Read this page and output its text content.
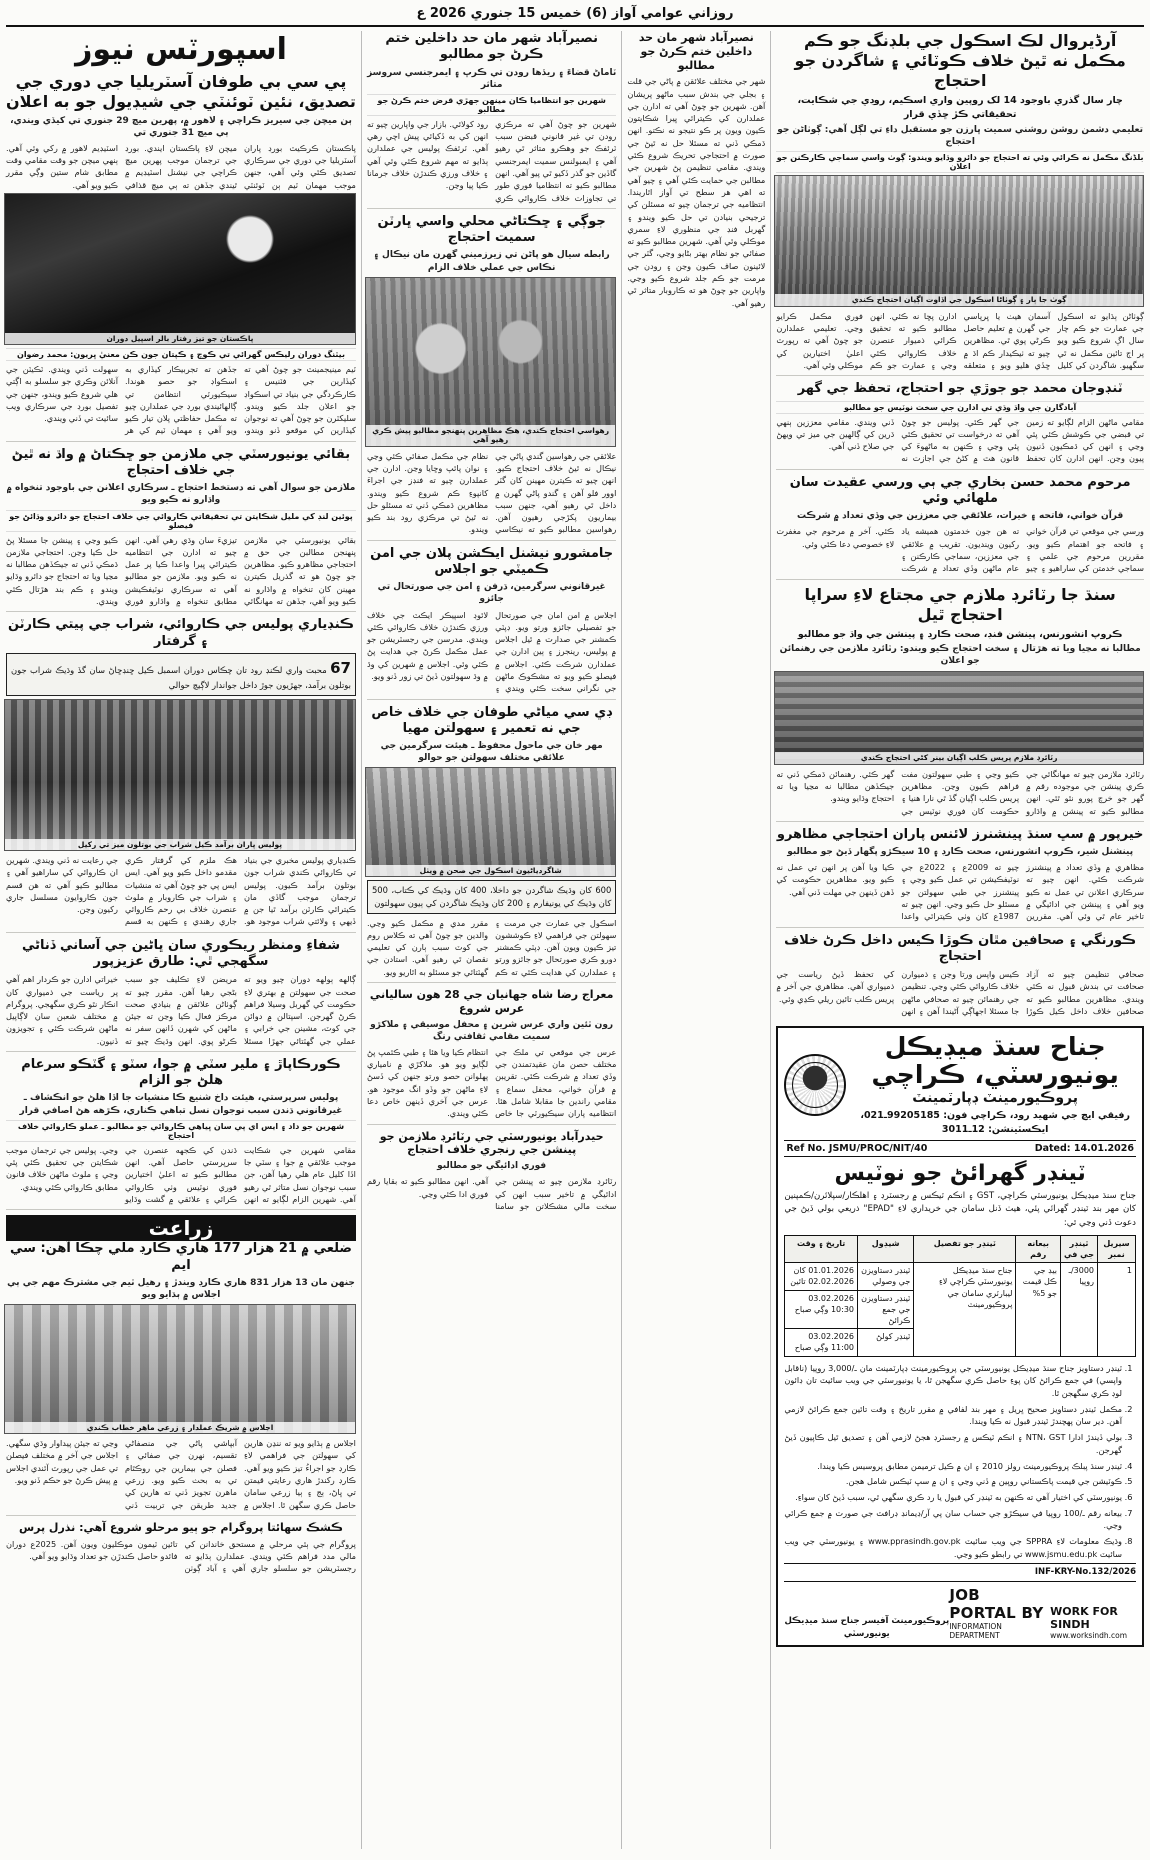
روزاني عوامي آواز (6) خميس 15 جنوري 2026 ع
آرڈيروال لڪ اسڪول جي بلڊنگ جو ڪم مڪمل نه ٿيڻ خلاف ڪوٽائي ۽ شاگردن جو احتجاج
چار سال گذري باوجود 14 لک روپين واري اسڪيم، روڊي جي شڪايت، تحقيقاتي ڪڙ ڇڏي قرار
تعليمي دشمن روشن روشني سميت ڀارزن جو مستقبل داءِ تي لڳل آهي: ڳوٺاڻن جو احتجاج
بلڈنگ مڪمل نه ڪرائي وئي ته احتجاج جو دائرو وڌايو ويندو: ڳوٺ واسي سماجي ڪارڪنن جو اعلان
ڳوٺ جا ٻار ۽ ڳوٺاڻا اسڪول جي اڏاوت اڳيان احتجاج ڪندي
ڳوٺاڻن ٻڌايو ته اسڪول جي عمارت جو ڪم چار سال اڳ شروع ڪيو ويو پر اڄ تائين مڪمل نه ٿي سگهيو. شاگردن کي کليل آسمان هيٺ يا ڀرپاسي جي گهرن ۾ تعليم حاصل ڪرڻي پوي ٿي. مظاهرين چيو ته ٺيڪيدار ڪم اڌ ۾ ڇڏي هليو ويو ۽ متعلقه ادارن پڇا نه ڪئي. انهن مطالبو ڪيو ته تحقيق ڪرائي ذميوار عنصرن خلاف ڪاروائي ڪئي وڃي ۽ عمارت جو ڪم فوري مڪمل ڪرايو وڃي. تعليمي عملدارن جو چوڻ آهي ته رپورٽ اعليٰ اختيارين کي موڪلي وئي آهي.
ٽنڊوجان محمد جو جوڙي جو احتجاج، تحفظ جي گهر
آبادگارن جي واڌ وڌي تي ادارن جي سخت نوٽيس جو مطالبو
مقامي ماڻهن الزام لڳايو ته زمين تي قبضي جي ڪوشش ڪئي پئي وڃي ۽ انهن کي ڌمڪيون ڏنيون پيون وڃن. انهن ادارن کان تحفظ جي گهر ڪئي. پوليس جو چوڻ آهي ته درخواست تي تحقيق ڪئي پئي وڃي ۽ ڪنهن به ماڻهوءَ کي قانون هٿ ۾ کڻڻ جي اجازت نه ڏني ويندي. مقامي معززين ٻنهي ڌرين کي ڳالهين جي ميز تي ويهڻ جي صلاح ڏني آهي.
مرحوم محمد حسن بخاري جي ٻي ورسي عقيدت سان ملهائي وئي
قرآن خواني، فاتحه ۽ خيرات، علائقي جي معززين جي وڏي تعداد ۾ شرڪت
ورسي جي موقعي تي قرآن خواني ۽ فاتحه جو اهتمام ڪيو ويو. مقررين مرحوم جي علمي ۽ سماجي خدمتن کي ساراهيو ۽ چيو ته هن جون خدمتون هميشه ياد رکيون وينديون. تقريب ۾ علائقي جي معززين، سماجي ڪارڪنن ۽ عام ماڻهن وڏي تعداد ۾ شرڪت ڪئي. آخر ۾ مرحوم جي مغفرت لاءِ خصوصي دعا ڪئي وئي.
سنڌ جا رٽائرڊ ملازم جي مجتاع لاءِ سراپا احتجاج ٿيل
ڪروپ انشورنس، پينشن فنڊ، صحت ڪارڊ ۽ پينشن جي واڌ جو مطالبو
مطالبا نه مڃيا ويا ته هڙتال ۽ سخت احتجاج ڪيو ويندو: رٽائرڊ ملازمن جي رهنمائن جو اعلان
رٽائرڊ ملازم پريس ڪلب اڳيان بينر کڻي احتجاج ڪندي
رٽائرڊ ملازمن چيو ته مهانگائي جي ڪري پينشن جي موجوده رقم ۾ گهر جو خرچ پورو نٿو ٿئي. انهن مطالبو ڪيو ته پينشن ۾ واڌارو ڪيو وڃي ۽ طبي سهولتون مفت فراهم ڪيون وڃن. مظاهرين پريس ڪلب اڳيان گڏ ٿي نارا هنيا ۽ حڪومت کان فوري نوٽيس جي گهر ڪئي. رهنمائن ڌمڪي ڏني ته جيڪڏهن مطالبا نه مڃيا ويا ته احتجاج وڌايو ويندو.
خيرپور ۾ سڀ سنڌ پينشنرز لائنس پاران احتجاجي مظاهرو
پينشنل شير، ڪروپ انشورنس، صحت ڪارڊ ۽ 10 سيڪڙو پگهار ڏيڻ جو مطالبو
مظاهري ۾ وڏي تعداد ۾ پينشنرز شرڪت ڪئي. انهن چيو ته سرڪاري اعلانن تي عمل نه ڪيو ويو آهي ۽ پينشن جي ادائيگي ۾ تاخير عام ٿي وئي آهي. مقررين چيو ته 2009ع ۽ 2022ع جي نوٽيفڪيشن تي عمل ڪيو وڃي ۽ پينشنرز جي طبي سهولتن جو مسئلو حل ڪيو وڃي. انهن چيو ته 1987ع کان وٺي ڪيترائي واعدا ڪيا ويا آهن پر انهن تي عمل نه ڪيو ويو. مظاهرين حڪومت کي ڏهن ڏينهن جي مهلت ڏني آهي.
ڪورنگي ۽ صحافين مٿان ڪوڙا ڪيس داخل ڪرڻ خلاف احتجاج
صحافي تنظيمن چيو ته آزاد صحافت تي بندش قبول نه ڪئي ويندي. مظاهرين مطالبو ڪيو ته صحافين خلاف داخل ڪيل ڪوڙا ڪيس واپس ورتا وڃن ۽ ذميوارن خلاف ڪاروائي ڪئي وڃي. تنظيمن جي رهنمائن چيو ته صحافي ماڻهن جا مسئلا اجهاڳي آڻيندا آهن ۽ انهن کي تحفظ ڏيڻ رياست جي ذميواري آهي. مظاهري جي آخر ۾ پريس ڪلب تائين ريلي ڪڍي وئي.
جناح سنڌ ميڊيڪل يونيورسٽي، ڪراچي
پروڪيورمينٽ ڊپارٽمينٽ
رفيقي ايچ جي شهيد رود، ڪراچي فون: 99205185ـ021، ايڪسٽينشن: 12ـ3011
Ref No. JSMU/PROC/NIT/40	Dated: 14.01.2026
ٽينڊر گهرائڻ جو نوٽيس
جناح سنڌ ميڊيڪل يونيورسٽي ڪراچي، GST ۽ انڪم ٽيڪس ۾ رجسٽرڊ ۽ اهلڪار/سپلائرن/ڪمپنين کان مهر بند ٽينڊر گهرائي پئي، هيٺ ڏنل سامان جي خريداري لاءِ "EPAD" ذريعي بولي ڏيڻ جي دعوت ڏني وڃي ٿي:
سيريل نمبر	ٽينڊر جي في	بيعانه رقم	ٽينڊر جو تفصيل	شيڊول	تاريخ ۽ وقت
1	3000/ـ روپيا	بيڊ جي ڪل قيمت جو 5%	جناح سنڌ ميڊيڪل يونيورسٽي ڪراچي لاءِ ليبارٽري سامان جي پروڪيورمينٽ	ٽينڊر دستاويزن جي وصولي	01.01.2026 کان 02.02.2026 تائين
				ٽينڊر دستاويزن جي جمع ڪرائڻ	03.02.2026 10:30 وڳي صباح
				ٽينڊر کولڻ	03.02.2026 11:00 وڳي صباح
1. ٽينڊر دستاويز جناح سنڌ ميڊيڪل يونيورسٽي جي پروڪيورمينٽ ڊپارٽمينٽ مان ـ/3,000 روپيا (ناقابل واپسي) في جمع ڪرائڻ کان پوءِ حاصل ڪري سگهجن ٿا، يا يونيورسٽي جي ويب سائيٽ تان ڊائون لوڊ ڪري سگهجن ٿا.
2. مڪمل ٽينڊر دستاويز صحيح ڀريل ۽ مهر بند لفافي ۾ مقرر تاريخ ۽ وقت تائين جمع ڪرائڻ لازمي آهن. دير سان پهچندڙ ٽينڊر قبول نه ڪيا ويندا.
3. بولي ڏيندڙ ادارا NTN، GST ۽ انڪم ٽيڪس ۾ رجسٽرڊ هجڻ لازمي آهن ۽ تصديق ٿيل ڪاپيون ڏيڻ گهرجن.
4. ٽينڊر سنڌ پبلڪ پروڪيورمينٽ رولز 2010 ۽ ان ۾ ڪيل ترميمن مطابق پروسيس ڪيا ويندا.
5. ڪوٽيشن جي قيمت پاڪستاني روپين ۾ ڏني وڃي ۽ ان ۾ سڀ ٽيڪس شامل هجن.
6. يونيورسٽي کي اختيار آهي ته ڪنهن به ٽينڊر کي قبول يا رد ڪري سگهي ٿي، سبب ڏيڻ کان سواءِ.
7. بيعانه رقم ـ/100 روپيا في سيڪڙو جي حساب سان پي آر/ڊيمانڊ ڊرافٽ جي صورت ۾ جمع ڪرائي وڃي.
8. وڌيڪ معلومات لاءِ SPPRA جي ويب سائيٽ www.pprasindh.gov.pk ۽ يونيورسٽي جي ويب سائيٽ www.jsmu.edu.pk تي رابطو ڪيو وڃي.
INF-KRY-No.132/2026
WORK FOR SINDH
www.worksindh.com
JOB PORTAL BY
INFORMATION DEPARTMENT
پروڪيورمينٽ آفيسر جناح سنڌ ميڊيڪل يونيورسٽي
نصيرآباد شهر مان حد داخلين ختم ڪرڻ جو مطالبو
شهر جي مختلف علائقن ۾ پاڻي جي قلت ۽ بجلي جي بندش سبب ماڻهو پريشان آهن. شهرين جو چوڻ آهي ته ادارن جي عملدارن کي ڪيترائي ڀيرا شڪايتون ڪيون ويون پر ڪو نتيجو نه نڪتو. انهن ڌمڪي ڏني ته مسئلا حل نه ٿيڻ جي صورت ۾ احتجاجي تحريڪ شروع ڪئي ويندي. مقامي تنظيمن پڻ شهرين جي مطالبن جي حمايت ڪئي آهي ۽ چيو آهي ته اهي هر سطح تي آواز اٿاريندا. انتظاميه جي ترجمان چيو ته مسئلن کي ترجيحي بنيادن تي حل ڪيو ويندو ۽ گهربل فنڊ جي منظوري لاءِ سمري موڪلي وئي آهي. شهرين مطالبو ڪيو ته صفائي جو نظام بهتر بڻايو وڃي، گٽر جي لائينون صاف ڪيون وڃن ۽ رودن جي مرمت جو ڪم جلد شروع ڪيو وڃي. واپارين جو چوڻ هو ته ڪاروبار متاثر ٿي رهيو آهي.
نصيرآباد شهر مان حد داخلين ختم ڪرڻ جو مطالبو
ٽاماڻ قضاءَ ۽ ريڏها رودن تي ڪرڀ ۽ ايمرجنسي سروسز متاثر
شهرين جو انتظاميا ڪان مينهن جهڙي قرض ختم ڪرڻ جو مطالبو
شهرين جو چوڻ آهي ته مرڪزي رودن تي غير قانوني قبضن سبب ٽرئفڪ جو وهڪرو متاثر ٿي رهيو آهي ۽ ايمبولنس سميت ايمرجنسي گاڏين جو گذر ڏکيو ٿي پيو آهي. انهن مطالبو ڪيو ته انتظاميا فوري طور تي تجاوزات خلاف ڪاروائي ڪري رود کولائي. بازار جي واپارين چيو ته انهن کي به ڏکيائي پيش اچي رهي آهي. ٽرئفڪ پوليس جي عملدارن ٻڌايو ته مهم شروع ڪئي وئي آهي ۽ خلاف ورزي ڪندڙن خلاف جرمانا ڪيا پيا وڃن.
جوڳي ۽ ڇڪتاڻي محلي واسي ڀارٽن سميت احتجاج
رابطه سيال هو پاڻن تي زيرزميني گهرن مان نيڪال ۽ نڪاس جي عملي خلاف الزام
رهواسي احتجاج ڪندي، هڪ مظاهرين پنهنجو مطالبو پيش ڪري رهيو آهي
علائقي جي رهواسين گندي پاڻي جي نيڪال نه ٿيڻ خلاف احتجاج ڪيو. انهن چيو ته ڪيترن مهينن کان گٽر اوور فلو آهن ۽ گندو پاڻي گهرن ۾ داخل ٿي رهيو آهي، جنهن سبب بيماريون پکڙجي رهيون آهن. رهواسين مطالبو ڪيو ته نيڪاسي نظام جي مڪمل صفائي ڪئي وڃي ۽ نوان پائپ وڇايا وڃن. ادارن جي عملدارن چيو ته فنڊز جي اجراءَ کانپوءِ ڪم شروع ڪيو ويندو. مظاهرين ڌمڪي ڏني ته مسئلو حل نه ٿيڻ تي مرڪزي رود بند ڪيو ويندو.
جامشورو نيشنل ايڪشن پلان جي امن ڪميٽي جو اجلاس
غيرقانوني سرگرمين، ڌرفن ۽ امن جي صورتحال تي جائزو
اجلاس ۾ امن امان جي صورتحال جو تفصيلي جائزو ورتو ويو. ڊپٽي ڪمشنر جي صدارت ۾ ٿيل اجلاس ۾ پوليس، رينجرز ۽ ٻين ادارن جي عملدارن شرڪت ڪئي. اجلاس ۾ فيصلو ڪيو ويو ته مشڪوڪ ماڻهن جي نگراني سخت ڪئي ويندي ۽ لائوڊ اسپيڪر ايڪٽ جي خلاف ورزي ڪندڙن خلاف ڪاروائي ڪئي ويندي. مدرسن جي رجسٽريشن جو عمل مڪمل ڪرڻ جي هدايت پڻ ڪئي وئي. اجلاس ۾ شهرين کي وڌ ۾ وڌ سهولتون ڏيڻ تي زور ڏنو ويو.
ڊي سي مياڻي طوفان جي خلاف خاص جي نه تعمير ۽ سهولتن مهيا
مهر خان جي ماحول محفوظ ـ هيئت سرگرمين جي علائقي مختلف سهولتن جو حوالو
شاگردياڻيون اسڪول جي صحن ۾ ويٺل
600 کان وڌيڪ شاگردن جو داخلا، 400 کان وڌيڪ کي ڪتاب، 500 کان وڌيڪ کي يونيفارم ۽ 200 کان وڌيڪ شاگردن کي ٻيون سهولتون
اسڪول جي عمارت جي مرمت ۽ سهولتن جي فراهمي لاءِ ڪوششون تيز ڪيون ويون آهن. ڊپٽي ڪمشنر دورو ڪري صورتحال جو جائزو ورتو ۽ عملدارن کي هدايت ڪئي ته ڪم مقرر مدي ۾ مڪمل ڪيو وڃي. والدين جو چوڻ آهي ته ڪلاس روم جي کوٽ سبب ٻارن کي تعليمي نقصان ٿي رهيو آهي. استادن جي گهٽتائي جو مسئلو به اٿاريو ويو.
معراج رضا شاه جهانيان جي 28 هون سالياني عرس شروع
رون ٽئين واري عرس شرين ۽ محفل موسيقي ۽ ملاکڙو سميت مقامي ثقافتي رنگ
عرس جي موقعي تي ملڪ جي مختلف حصن مان عقيدتمندن جي وڏي تعداد ۾ شرڪت ڪئي. تقريبن ۾ قرآن خواني، محفل سماع ۽ مقامي راندين جا مقابلا شامل هئا. انتظاميه پاران سيڪيورٽي جا خاص انتظام ڪيا ويا هئا ۽ طبي ڪئمپ پڻ لڳايو ويو هو. ملاکڙي ۾ نامياري پهلوانن حصو ورتو جنهن کي ڏسڻ لاءِ ماڻهن جو وڏو انگ موجود هو. عرس جي آخري ڏينهن خاص دعا ڪئي ويندي.
حيدرآباد يونيورسٽي جي رٽائرڊ ملازمن جو پينشن جي رنجري خلاف احتجاج
فوري ادائيگي جو مطالبو
رٽائرڊ ملازمن چيو ته پينشن جي ادائيگي ۾ تاخير سبب انهن کي سخت مالي مشڪلاتن جو سامنا آهي. انهن مطالبو ڪيو ته بقايا رقم فوري ادا ڪئي وڃي.
اسپورٽس نيوز
پي سي بي طوفان آسٽريليا جي دوري جي تصديق، نئين ٽوئنٽي جي شيڊيول جو به اعلان
ٻن ميچن جي سيريز ڪراچي ۽ لاهور ۾، پهرين ميچ 29 جنوري تي کيڏي ويندي، ٻي ميچ 31 جنوري تي
پاڪستان ڪرڪيٽ بورڊ پاران آسٽريليا جي دوري جي سرڪاري تصديق ڪئي وئي آهي، جنهن موجب مهمان ٽيم ٻن ٽوئنٽي ميچن لاءِ پاڪستان ايندي. بورڊ جي ترجمان موجب پهرين ميچ ڪراچي جي نيشنل اسٽيڊيم ۾ ٿيندي جڏهن ته ٻي ميچ قذافي اسٽيڊيم لاهور ۾ رکي وئي آهي. ٻنهي ميچن جو وقت مقامي وقت مطابق شام ستين وڳي مقرر ڪيو ويو آهي.
پاڪستان جو تيز رفتار بالر اسپيل دوران
بيٽنگ دوران رليڪس گهرائي تي ڪوچ ۽ ڪپتان جون ڪن معنيٰ ڀريون: محمد رضوان
ٽيم مينيجمينٽ جو چوڻ آهي ته کيڏارين جي فٽنيس ۽ ڪارڪردگي جي بنياد تي اسڪواڊ جو اعلان جلد ڪيو ويندو. سلیکٽرن جو چوڻ آهي ته نوجوان کيڏارين کي موقعو ڏنو ويندو، جڏهن ته تجربيڪار کيڏاري به اسڪواڊ جو حصو هوندا. سيڪيورٽي انتظامن تي ڳالهائيندي بورڊ جي عملدارن چيو ته مڪمل حفاظتي پلان تيار ڪيو ويو آهي ۽ مهمان ٽيم کي هر سهولت ڏني ويندي. ٽڪيٽن جي آنلائن وڪري جو سلسلو به اڳتي هلي شروع ڪيو ويندو، جنهن جي تفصيل بورڊ جي سرڪاري ويب سائيٽ تي ڏني ويندي.
بقائي يونيورسٽي جي ملازمن جو ڇڪتاڻ ۾ واڌ نه ٿيڻ جي خلاف احتجاج
ملازمن جو سوال آهي ته دستخط احتجاج ـ سرڪاري اعلانن جي باوجود تنخواه ۾ واڌارو نه ڪيو ويو
پوئين لنڊ کي مليل شڪايتن تي تحقيقاتي ڪاروائي جي خلاف احتجاج جو دائرو وڌائڻ جو فيصلو
بقائي يونيورسٽي جي ملازمن پنهنجن مطالبن جي حق ۾ احتجاجي مظاهرو ڪيو. مظاهرين جو چوڻ هو ته گذريل ڪيترن مهينن کان تنخواه ۾ واڌارو نه ڪيو ويو آهي، جڏهن ته مهانگائي تيزيءَ سان وڌي رهي آهي. انهن چيو ته ادارن جي انتظاميه ڪيترائي ڀيرا واعدا ڪيا پر عمل نه ڪيو ويو. ملازمن جو مطالبو آهي ته سرڪاري نوٽيفڪيشن مطابق تنخواه ۾ واڌارو فوري ڪيو وڃي ۽ پينشن جا مسئلا پڻ حل ڪيا وڃن. احتجاجي ملازمن ڌمڪي ڏني ته جيڪڏهن مطالبا نه مڃيا ويا ته احتجاج جو دائرو وڌايو ويندو ۽ ڪم بند هڙتال ڪئي ويندي.
ڪنڊياري پوليس جي ڪاروائي، شراب جي پيتي ڪارٽن ۽ گرفتار
67 محبت واري لڪنڊ رود تان چڪاس دوران اسمبل ڪيل ڇنڊڇاڻ سان گڏ وڌيڪ شراب جون بوتلون برآمد، جهڙيون جوڙ داخل جواندار لاڳيچ حوالي
پوليس پاران برآمد ڪيل شراب جي بوتلون ميز تي رکيل
ڪنڊياري پوليس مخبري جي بنياد تي ڪاروائي ڪندي شراب جون بوتلون برآمد ڪيون. پوليس ترجمان موجب گاڏي مان ڪيترائي ڪارٽن برآمد ٿيا جن ۾ ڏيهي ۽ ولائتي شراب موجود هو. هڪ ملزم کي گرفتار ڪري مقدمو داخل ڪيو ويو آهي. ايس ايس پي جو چوڻ آهي ته منشيات ۽ شراب جي ڪاروبار ۾ ملوث عنصرن خلاف بي رحم ڪاروائي جاري رهندي ۽ ڪنهن به قسم جي رعايت نه ڏني ويندي. شهرين ان ڪاروائي کي ساراهيو آهي ۽ مطالبو ڪيو آهي ته هن قسم جون ڪاروايون مسلسل جاري رکيون وڃن.
شفاءِ ومنظر ريڪوري سان ڀاڻين جي آساني ڏناڻي سگهجي ٿي: طارق عزيزپور
ڳالهه ٻولهه دوران چيو ويو ته صحت جي سهولتن ۾ بهتري لاءِ حڪومت کي گهربل وسيلا فراهم ڪرڻ گهرجن. اسپتالن ۾ دوائن جي کوٽ، مشينن جي خرابي ۽ عملي جي گهٽتائي جهڙا مسئلا مريضن لاءِ تڪليف جو سبب بڻجي رهيا آهن. مقرر چيو ته ڳوٺاڻن علائقن ۾ بنيادي صحت مرڪز فعال ڪيا وڃن ته جيئن ماڻهن کي شهرن ڏانهن سفر نه ڪرڻو پوي. انهن وڌيڪ چيو ته خيراتي ادارن جو ڪردار اهم آهي پر رياست جي ذميواري کان انڪار نٿو ڪري سگهجي. پروگرام ۾ مختلف شعبن سان لاڳاپيل ماڻهن شرڪت ڪئي ۽ تجويزون ڏنيون.
ڪورڪاپاڙ ۽ ملير سٽي ۾ جوا، سٽو ۽ گٽڪو سرعام هلڻ جو الزام
پوليس سرپرستي، هيئت داخ شنيع ڪا منشيات جا اڏا هلڻ جو انڪشاف ـ غيرقانوني ڌندن سبب نوجوان نسل تباهي ڪناري، ڪڙهه هڻ اصافي قرار
شهرين جو داد ۽ ايس اي پي سان ڀياهي ڪاروائي جو مطالبو ـ عملو ڪاروائي خلاف احتجاج
مقامي شهرين جي شڪايت موجب علائقي ۾ جوا ۽ سٽي جا اڏا کليل عام هلي رهيا آهن، جن سبب نوجوان نسل متاثر ٿي رهيو آهي. شهرين الزام لڳايو ته انهن ڌندن کي ڪجهه عنصرن جي سرپرستي حاصل آهي. انهن مطالبو ڪيو ته اعليٰ اختيارين فوري نوٽيس وٺي ڪاروائي ڪرائي ۽ علائقي ۾ گشت وڌايو وڃي. پوليس جي ترجمان موجب شڪايتن جي تحقيق ڪئي پئي وڃي ۽ ملوث ماڻهن خلاف قانون مطابق ڪاروائي ڪئي ويندي.
زراعت
ضلعي ۾ 21 هزار 177 هاري ڪارڊ ملي چڪا آهن: سي ايم
جنهن مان 13 هزار 831 هاري ڪارڊ ويندڙ ۽ رهيل ٽيم جي مشترڪ مهم جي ٻي اجلاس ۾ ٻڌايو ويو
اجلاس ۾ شريڪ عملدار ۽ زرعي ماهر خطاب ڪندي
اجلاس ۾ ٻڌايو ويو ته ننڍن هارين کي سهولتن جي فراهمي لاءِ ڪارڊ جو اجراءُ تيز ڪيو ويو آهي. ڪارڊ رکندڙ هاري رعايتي قيمتن تي ڀاڻ، ٻج ۽ ٻيا زرعي سامان حاصل ڪري سگهن ٿا. اجلاس ۾ آبپاشي پاڻي جي منصفاڻي تقسيم، نهرن جي صفائي ۽ فصلن جي بيمارين جي روڪٿام تي به بحث ڪيو ويو. زرعي ماهرن تجويز ڏني ته هارين کي جديد طريقن جي تربيت ڏني وڃي ته جيئن پيداوار وڌي سگهي. اجلاس جي آخر ۾ مختلف فيصلن تي عمل جي رپورٽ آئندي اجلاس ۾ پيش ڪرڻ جو حڪم ڏنو ويو.
ڪشڪ سهائتا پروگرام جو ٻيو مرحلو شروع آهي: نذرل پرس
پروگرام جي ٻئي مرحلي ۾ مستحق خاندانن کي مالي مدد فراهم ڪئي ويندي. عملدارن ٻڌايو ته رجسٽريشن جو سلسلو جاري آهي ۽ آباد ڳوٺن تائين ٽيمون موڪليون ويون آهن. 2025ع دوران فائدو حاصل ڪندڙن جو تعداد وڌايو ويو آهي.
